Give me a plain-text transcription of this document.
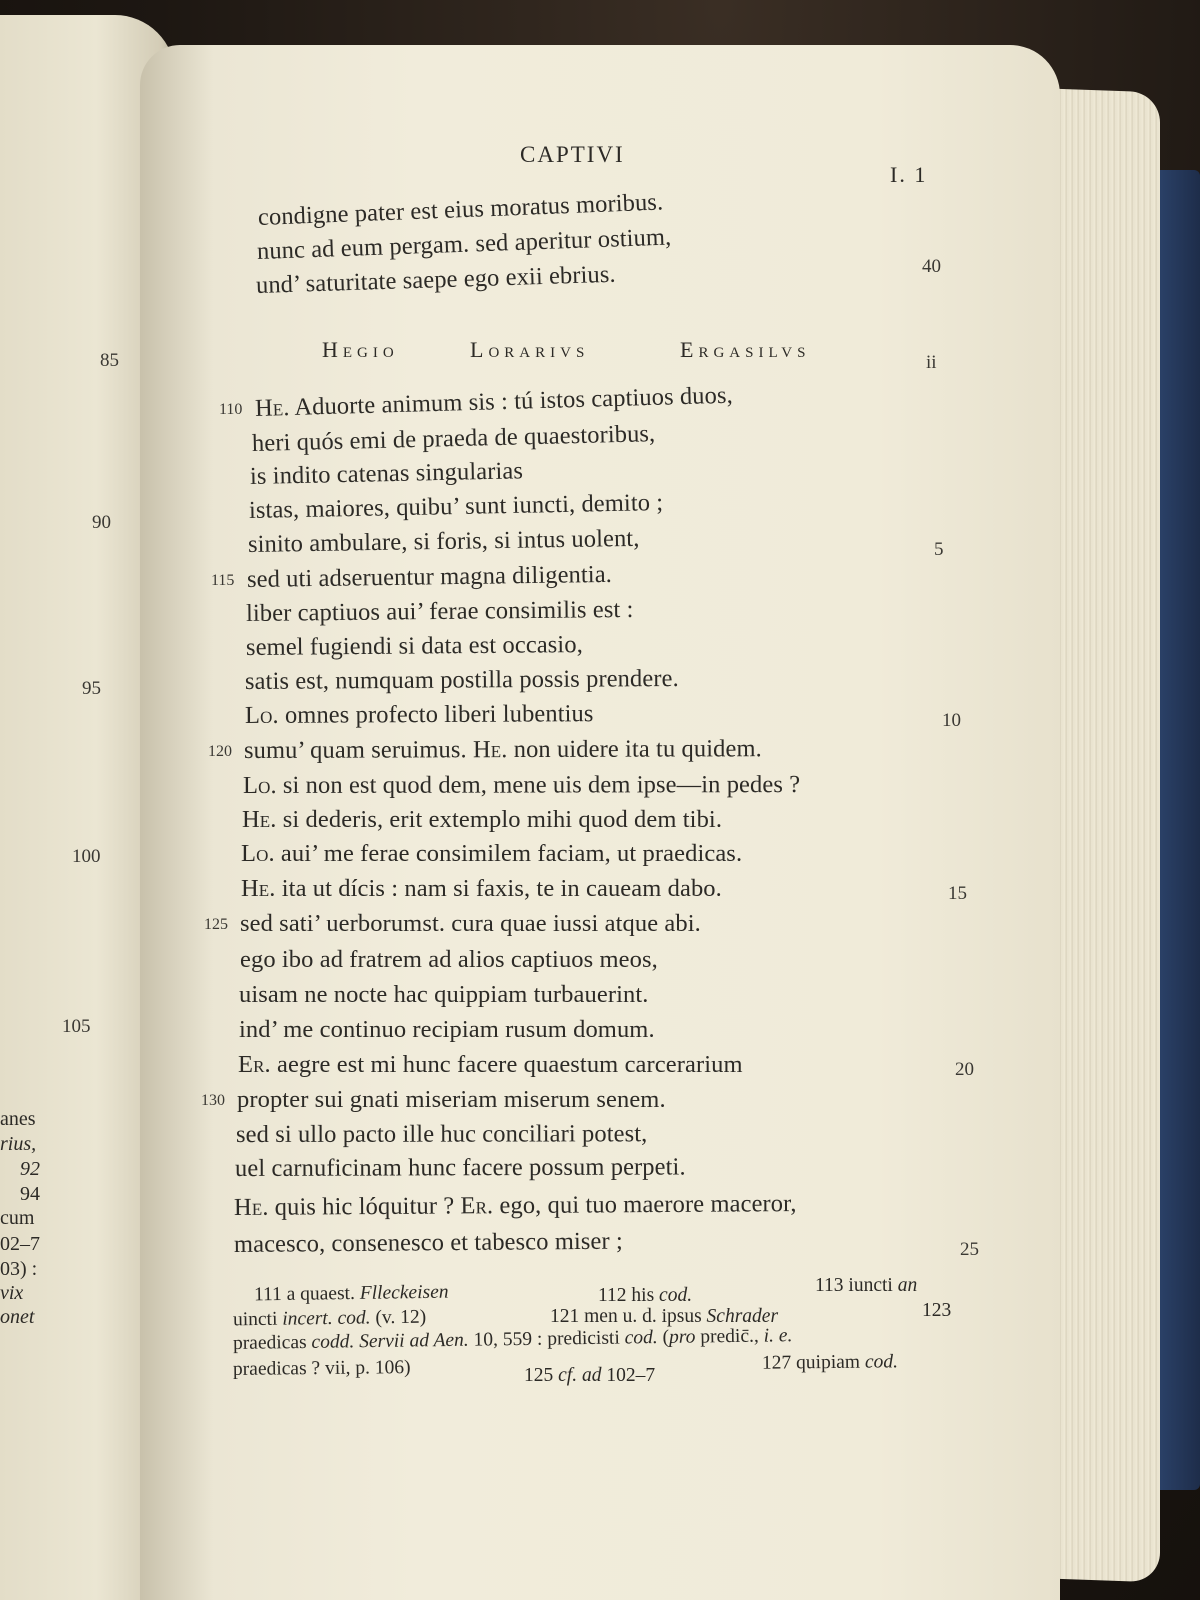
CAPTIVI
I. 1
condigne pater est eius moratus moribus.
nunc ad eum pergam. sed aperitur ostium,
und’ saturitate saepe ego exii ebrius.	40
Hegio	Lorarivs	Ergasilvs
ii
He. Aduorte animum sis : tú istos captiuos duos,
110
heri quós emi de praeda de quaestoribus,
is indito catenas singularias
istas, maiores, quibu’ sunt iuncti, demito ;
sinito ambulare, si foris, si intus uolent,	5
sed uti adseruentur magna diligentia.
115
liber captiuos aui’ ferae consimilis est :
semel fugiendi si data est occasio,
satis est, numquam postilla possis prendere.
Lo. omnes profecto liberi lubentius	10
sumu’ quam seruimus. He. non uidere ita tu quidem.
120
Lo. si non est quod dem, mene uis dem ipse—in pedes ?
He. si dederis, erit extemplo mihi quod dem tibi.
Lo. aui’ me ferae consimilem faciam, ut praedicas.
He. ita ut dícis : nam si faxis, te in caueam dabo.	15
sed sati’ uerborumst. cura quae iussi atque abi.
125
ego ibo ad fratrem ad alios captiuos meos,
uisam ne nocte hac quippiam turbauerint.
ind’ me continuo recipiam rusum domum.
Er. aegre est mi hunc facere quaestum carcerarium	20
propter sui gnati miseriam miserum senem.
130
sed si ullo pacto ille huc conciliari potest,
uel carnuficinam hunc facere possum perpeti.
He. quis hic lóquitur ? Er. ego, qui tuo maerore maceror,
macesco, consenesco et tabesco miser ;	25
111 a quaest. Flleckeisen	112 his cod.	113 iuncti an
uincti incert. cod. (v. 12)	121 men u. d. ipsus Schrader	123
praedicas codd. Servii ad Aen. 10, 559 : predicisti cod. (pro predic̄., i. e.
praedicas ? vii, p. 106)	125 cf. ad 102–7
127 quipiam cod.
85
90
95
100
105
anes
rius,
92
94
cum
02–7
03) :
vix
onet
